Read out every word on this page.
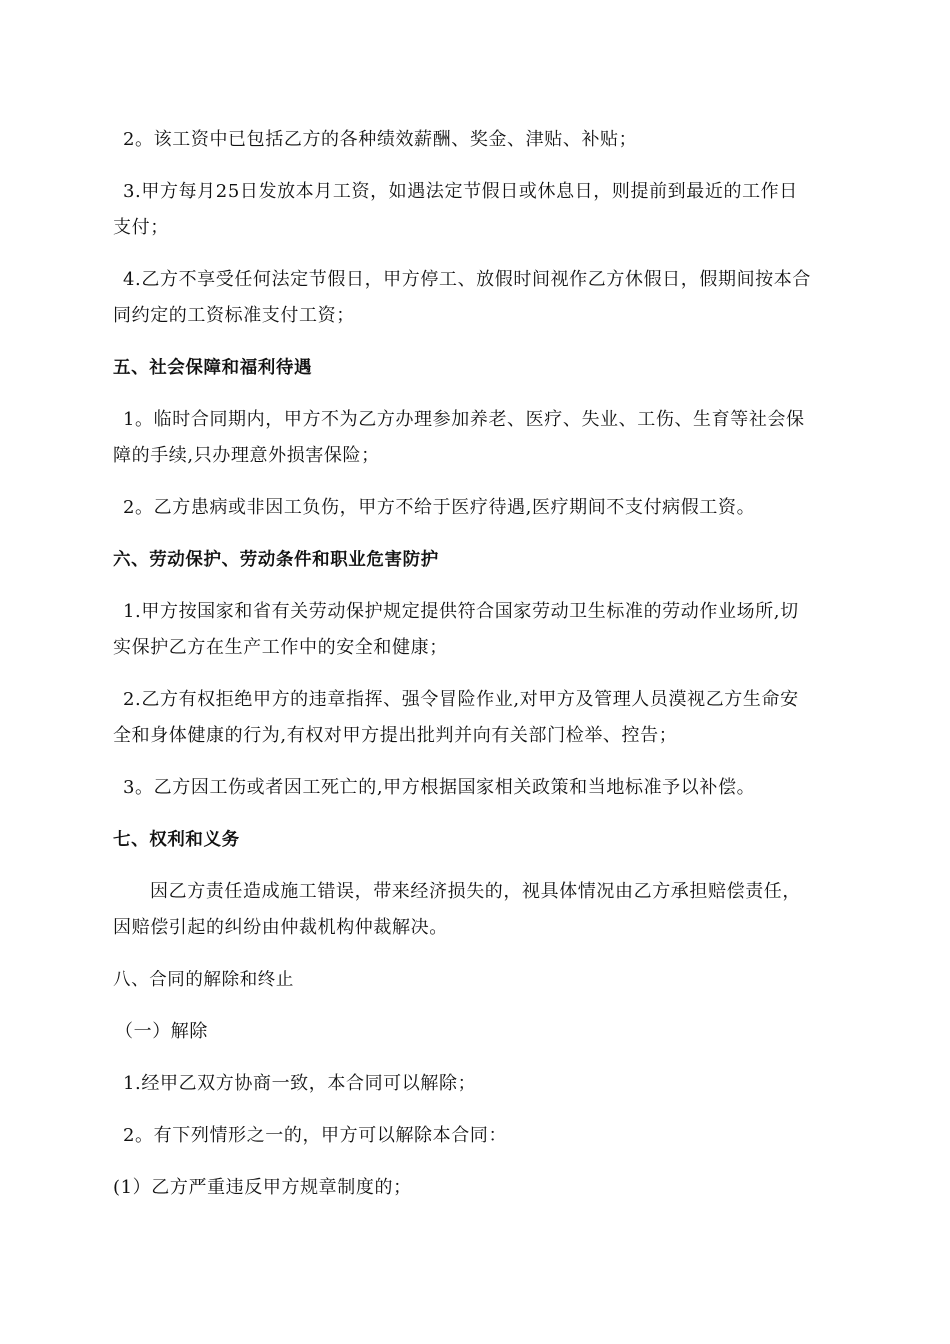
2。该工资中已包括乙方的各种绩效薪酬、奖金、津贴、补贴；
3.甲方每月25日发放本月工资，如遇法定节假日或休息日，则提前到最近的工作日
支付；
4.乙方不享受任何法定节假日，甲方停工、放假时间视作乙方休假日，假期间按本合
同约定的工资标准支付工资；
五、社会保障和福利待遇
1。临时合同期内，甲方不为乙方办理参加养老、医疗、失业、工伤、生育等社会保
障的手续,只办理意外损害保险；
2。乙方患病或非因工负伤，甲方不给于医疗待遇,医疗期间不支付病假工资。
六、劳动保护、劳动条件和职业危害防护
1.甲方按国家和省有关劳动保护规定提供符合国家劳动卫生标准的劳动作业场所,切
实保护乙方在生产工作中的安全和健康；
2.乙方有权拒绝甲方的违章指挥、强令冒险作业,对甲方及管理人员漠视乙方生命安
全和身体健康的行为,有权对甲方提出批判并向有关部门检举、控告；
3。乙方因工伤或者因工死亡的,甲方根据国家相关政策和当地标准予以补偿。
七、权利和义务
因乙方责任造成施工错误，带来经济损失的，视具体情况由乙方承担赔偿责任，
因赔偿引起的纠纷由仲裁机构仲裁解决。
八、合同的解除和终止
（一）解除
1.经甲乙双方协商一致，本合同可以解除；
2。有下列情形之一的，甲方可以解除本合同：
(1）乙方严重违反甲方规章制度的；
